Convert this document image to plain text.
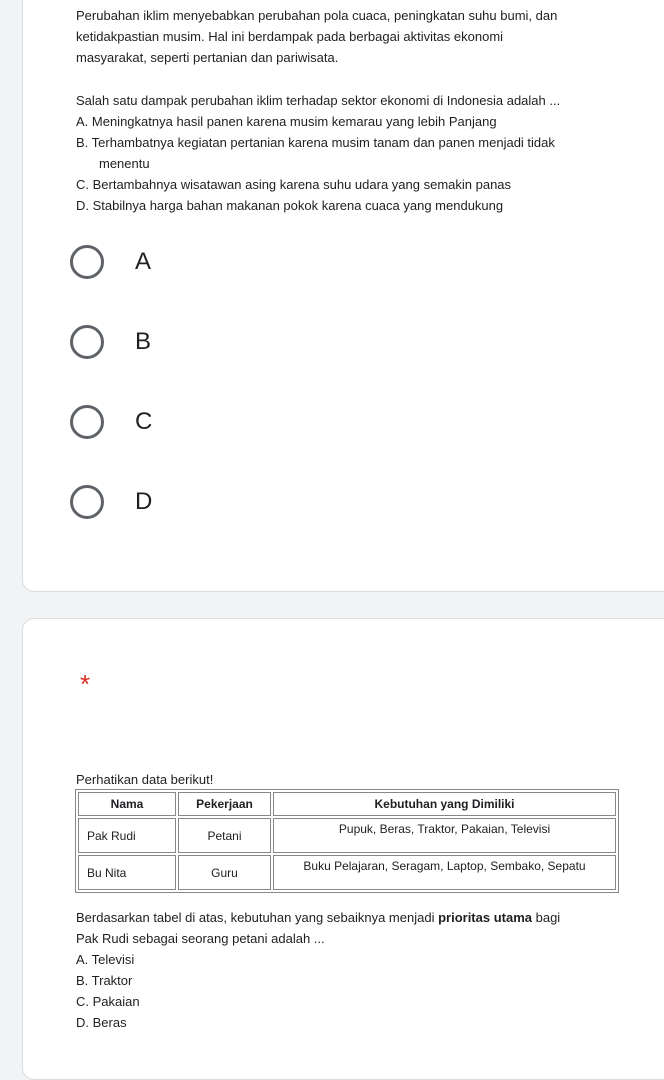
Perubahan iklim menyebabkan perubahan pola cuaca, peningkatan suhu bumi, dan
ketidakpastian musim. Hal ini berdampak pada berbagai aktivitas ekonomi
masyarakat, seperti pertanian dan pariwisata.
Salah satu dampak perubahan iklim terhadap sektor ekonomi di Indonesia adalah ...
A. Meningkatnya hasil panen karena musim kemarau yang lebih Panjang
B. Terhambatnya kegiatan pertanian karena musim tanam dan panen menjadi tidak
menentu
C. Bertambahnya wisatawan asing karena suhu udara yang semakin panas
D. Stabilnya harga bahan makanan pokok karena cuaca yang mendukung
A
B
C
D
*
Perhatikan data berikut!
Nama	Pekerjaan	Kebutuhan yang Dimiliki
Pak Rudi	Petani	Pupuk, Beras, Traktor, Pakaian, Televisi
Bu Nita	Guru	Buku Pelajaran, Seragam, Laptop, Sembako, Sepatu
Berdasarkan tabel di atas, kebutuhan yang sebaiknya menjadi prioritas utama bagi
Pak Rudi sebagai seorang petani adalah ...
A. Televisi
B. Traktor
C. Pakaian
D. Beras
